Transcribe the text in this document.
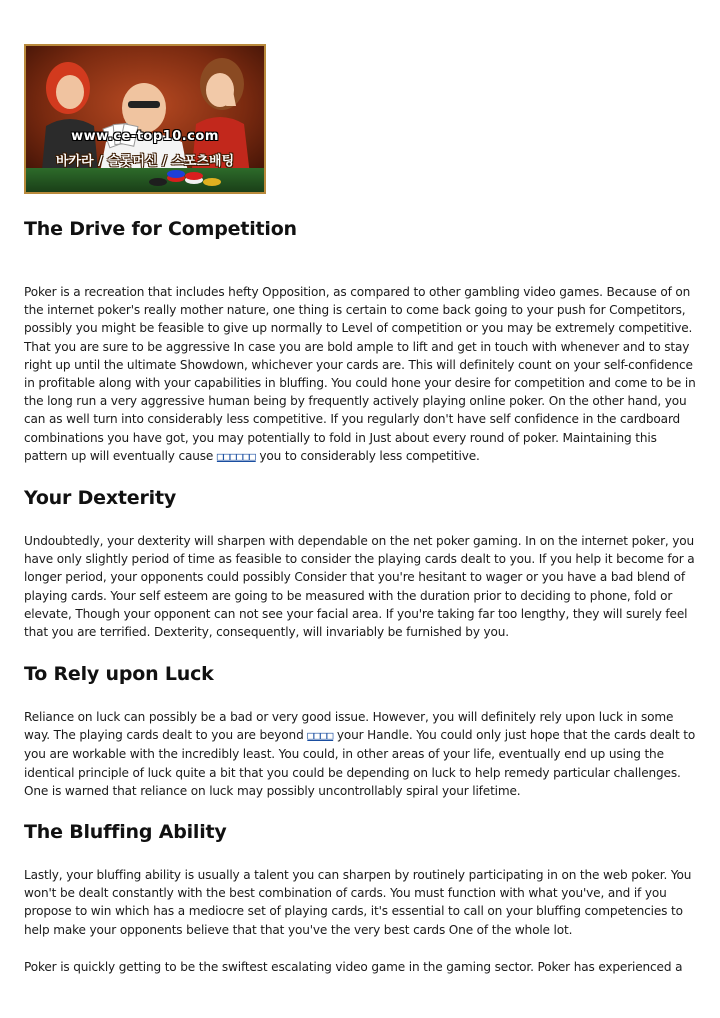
www.ce-top10.com
바카라 / 슬롯머신 / 스포츠배팅
The Drive for Competition

Poker is a recreation that includes hefty Opposition, as compared to other gambling video games. Because of on the internet poker's really mother nature, one thing is certain to come back going to your push for Competitors, possibly you might be feasible to give up normally to Level of competition or you may be extremely competitive. That you are sure to be aggressive In case you are bold ample to lift and get in touch with whenever and to stay right up until the ultimate Showdown, whichever your cards are. This will definitely count on your self-confidence in profitable along with your capabilities in bluffing. You could hone your desire for competition and come to be in the long run a very aggressive human being by frequently actively playing online poker. On the other hand, you can as well turn into considerably less competitive. If you regularly don't have self confidence in the cardboard combinations you have got, you may potentially to fold in Just about every round of poker. Maintaining this pattern up will eventually cause □□□□□□ you to considerably less competitive.

Your Dexterity

Undoubtedly, your dexterity will sharpen with dependable on the net poker gaming. In on the internet poker, you have only slightly period of time as feasible to consider the playing cards dealt to you. If you help it become for a longer period, your opponents could possibly Consider that you're hesitant to wager or you have a bad blend of playing cards. Your self esteem are going to be measured with the duration prior to deciding to phone, fold or elevate, Though your opponent can not see your facial area. If you're taking far too lengthy, they will surely feel that you are terrified. Dexterity, consequently, will invariably be furnished by you.

To Rely upon Luck

Reliance on luck can possibly be a bad or very good issue. However, you will definitely rely upon luck in some way. The playing cards dealt to you are beyond □□□□ your Handle. You could only just hope that the cards dealt to you are workable with the incredibly least. You could, in other areas of your life, eventually end up using the identical principle of luck quite a bit that you could be depending on luck to help remedy particular challenges. One is warned that reliance on luck may possibly uncontrollably spiral your lifetime.

The Bluffing Ability

Lastly, your bluffing ability is usually a talent you can sharpen by routinely participating in on the web poker. You won't be dealt constantly with the best combination of cards. You must function with what you've, and if you propose to win which has a mediocre set of playing cards, it's essential to call on your bluffing competencies to help make your opponents believe that that you've the very best cards One of the whole lot.

Poker is quickly getting to be the swiftest escalating video game in the gaming sector. Poker has experienced a
